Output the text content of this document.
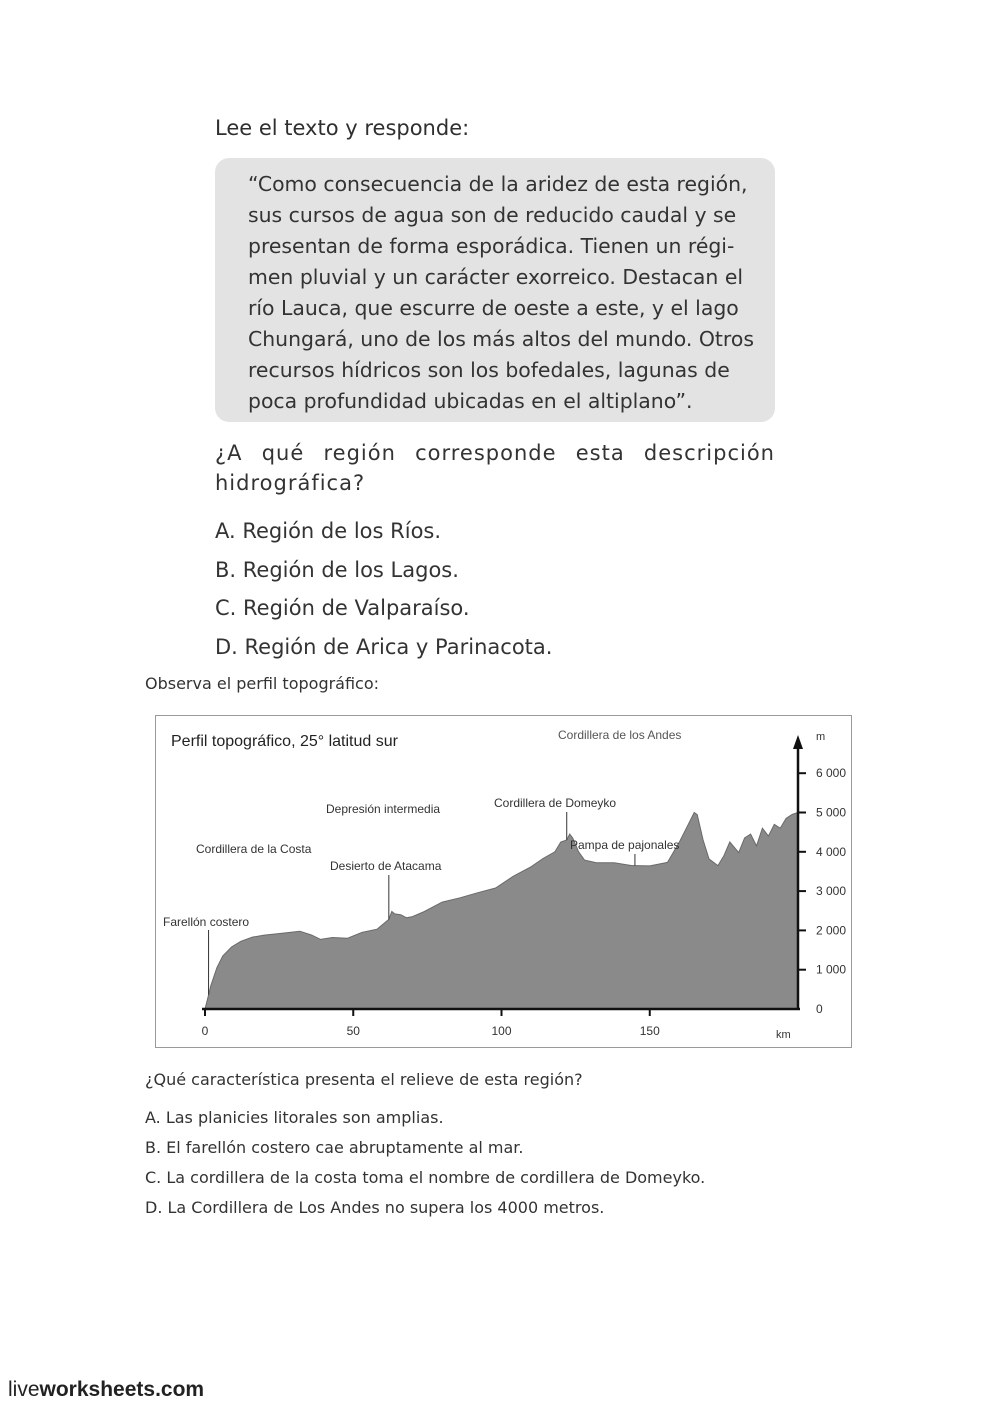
Lee el texto y responde:

“Como consecuencia de la aridez de esta región,
sus cursos de agua son de reducido caudal y se
presentan de forma esporádica. Tienen un régi-
men pluvial y un carácter exorreico. Destacan el
río Lauca, que escurre de oeste a este, y el lago
Chungará, uno de los más altos del mundo. Otros
recursos hídricos son los bofedales, lagunas de
poca profundidad ubicadas en el altiplano”.

¿A qué región corresponde esta descripción hidrográfica?

A. Región de los Ríos.
B. Región de los Lagos.
C. Región de Valparaíso.
D. Región de Arica y Parinacota.
Observa el perfil topográfico:
0	50	100	150
0
1 000
2 000
3 000
4 000
5 000
6 000
Perfil topográfico, 25° latitud sur	m
km
Cordillera de los Andes
Depresión intermedia	Cordillera de Domeyko
Cordillera de la Costa	Pampa de pajonales
Desierto de Atacama
Farellón costero
¿Qué característica presenta el relieve de esta región?
A. Las planicies litorales son amplias.
B. El farellón costero cae abruptamente al mar.
C. La cordillera de la costa toma el nombre de cordillera de Domeyko.
D. La Cordillera de Los Andes no supera los 4000 metros.
liveworksheets.com
